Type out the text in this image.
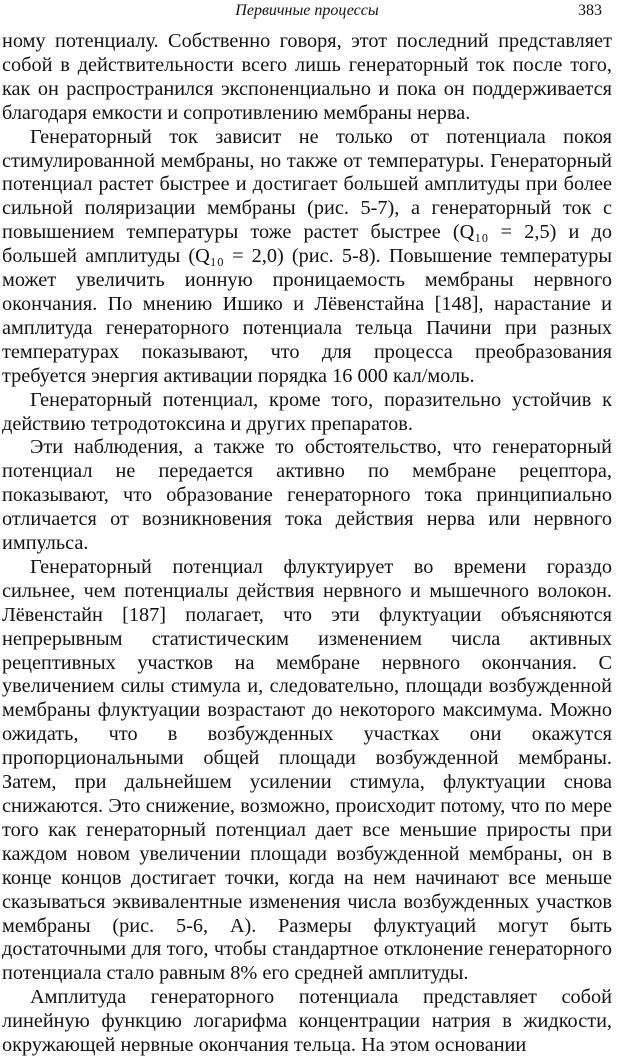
Первичные процессы	383

ному потенциалу. Собственно говоря, этот последний представляет собой в действительности всего лишь генераторный ток после того, как он распространился экспоненциально и пока он поддерживается благодаря емкости и сопротивлению мембраны нерва.

Генераторный ток зависит не только от потенциала покоя стимулированной мембраны, но также от температуры. Генераторный потенциал растет быстрее и достигает большей амплитуды при более сильной поляризации мембраны (рис. 5-7), а генераторный ток с повышением температуры тоже растет быстрее (Q₁₀ = 2,5) и до большей амплитуды (Q₁₀ = 2,0) (рис. 5-8). Повышение температуры может увеличить ионную проницаемость мембраны нервного окончания. По мнению Ишико и Лёвенстайна [148], нарастание и амплитуда генераторного потенциала тельца Пачини при разных температурах показывают, что для процесса преобразования требуется энергия активации порядка 16 000 кал/моль.

Генераторный потенциал, кроме того, поразительно устойчив к действию тетродотоксина и других препаратов.

Эти наблюдения, а также то обстоятельство, что генераторный потенциал не передается активно по мембране рецептора, показывают, что образование генераторного тока принципиально отличается от возникновения тока действия нерва или нервного импульса.

Генераторный потенциал флуктуирует во времени гораздо сильнее, чем потенциалы действия нервного и мышечного волокон. Лёвенстайн [187] полагает, что эти флуктуации объясняются непрерывным статистическим изменением числа активных рецептивных участков на мембране нервного окончания. С увеличением силы стимула и, следовательно, площади возбужденной мембраны флуктуации возрастают до некоторого максимума. Можно ожидать, что в возбужденных участках они окажутся пропорциональными общей площади возбужденной мембраны. Затем, при дальнейшем усилении стимула, флуктуации снова снижаются. Это снижение, возможно, происходит потому, что по мере того как генераторный потенциал дает все меньшие приросты при каждом новом увеличении площади возбужденной мембраны, он в конце концов достигает точки, когда на нем начинают все меньше сказываться эквивалентные изменения числа возбужденных участков мембраны (рис. 5-6, А). Размеры флуктуаций могут быть достаточными для того, чтобы стандартное отклонение генераторного потенциала стало равным 8% его средней амплитуды.

Амплитуда генераторного потенциала представляет собой линейную функцию логарифма концентрации натрия в жидкости, окружающей нервные окончания тельца. На этом основании
